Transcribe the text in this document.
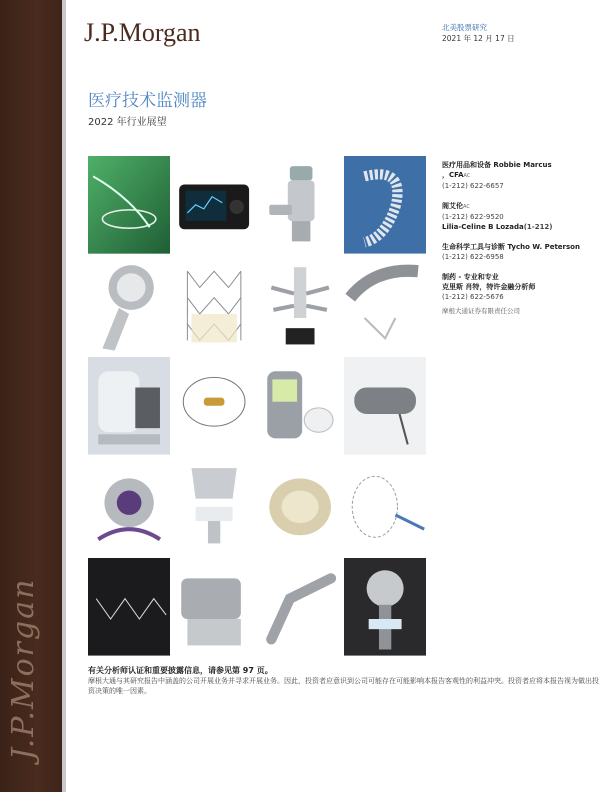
J.P.Morgan
J.P.Morgan	北美股票研究
2021 年 12 月 17 日
医疗技术监测器
2022 年行业展望
医疗用品和设备 Robbie Marcus
，CFAAC
(1-212) 622-6657
阁艾伦AC
(1-212) 622-9520
Lilia-Celine B Lozada(1-212)
生命科学工具与诊断 Tycho W. Peterson
(1-212) 622-6958
制药 - 专业和专业
克里斯 肖特，特许金融分析师
(1-212) 622-5676
摩根大通证券有限责任公司
有关分析师认证和重要披露信息，请参见第 97 页。
摩根大通与其研究报告中涵盖的公司开展业务并寻求开展业务。因此，投资者应意识到公司可能存在可能影响本报告客观性的利益冲突。投资者应将本报告视为做出投资决策的唯一因素。
